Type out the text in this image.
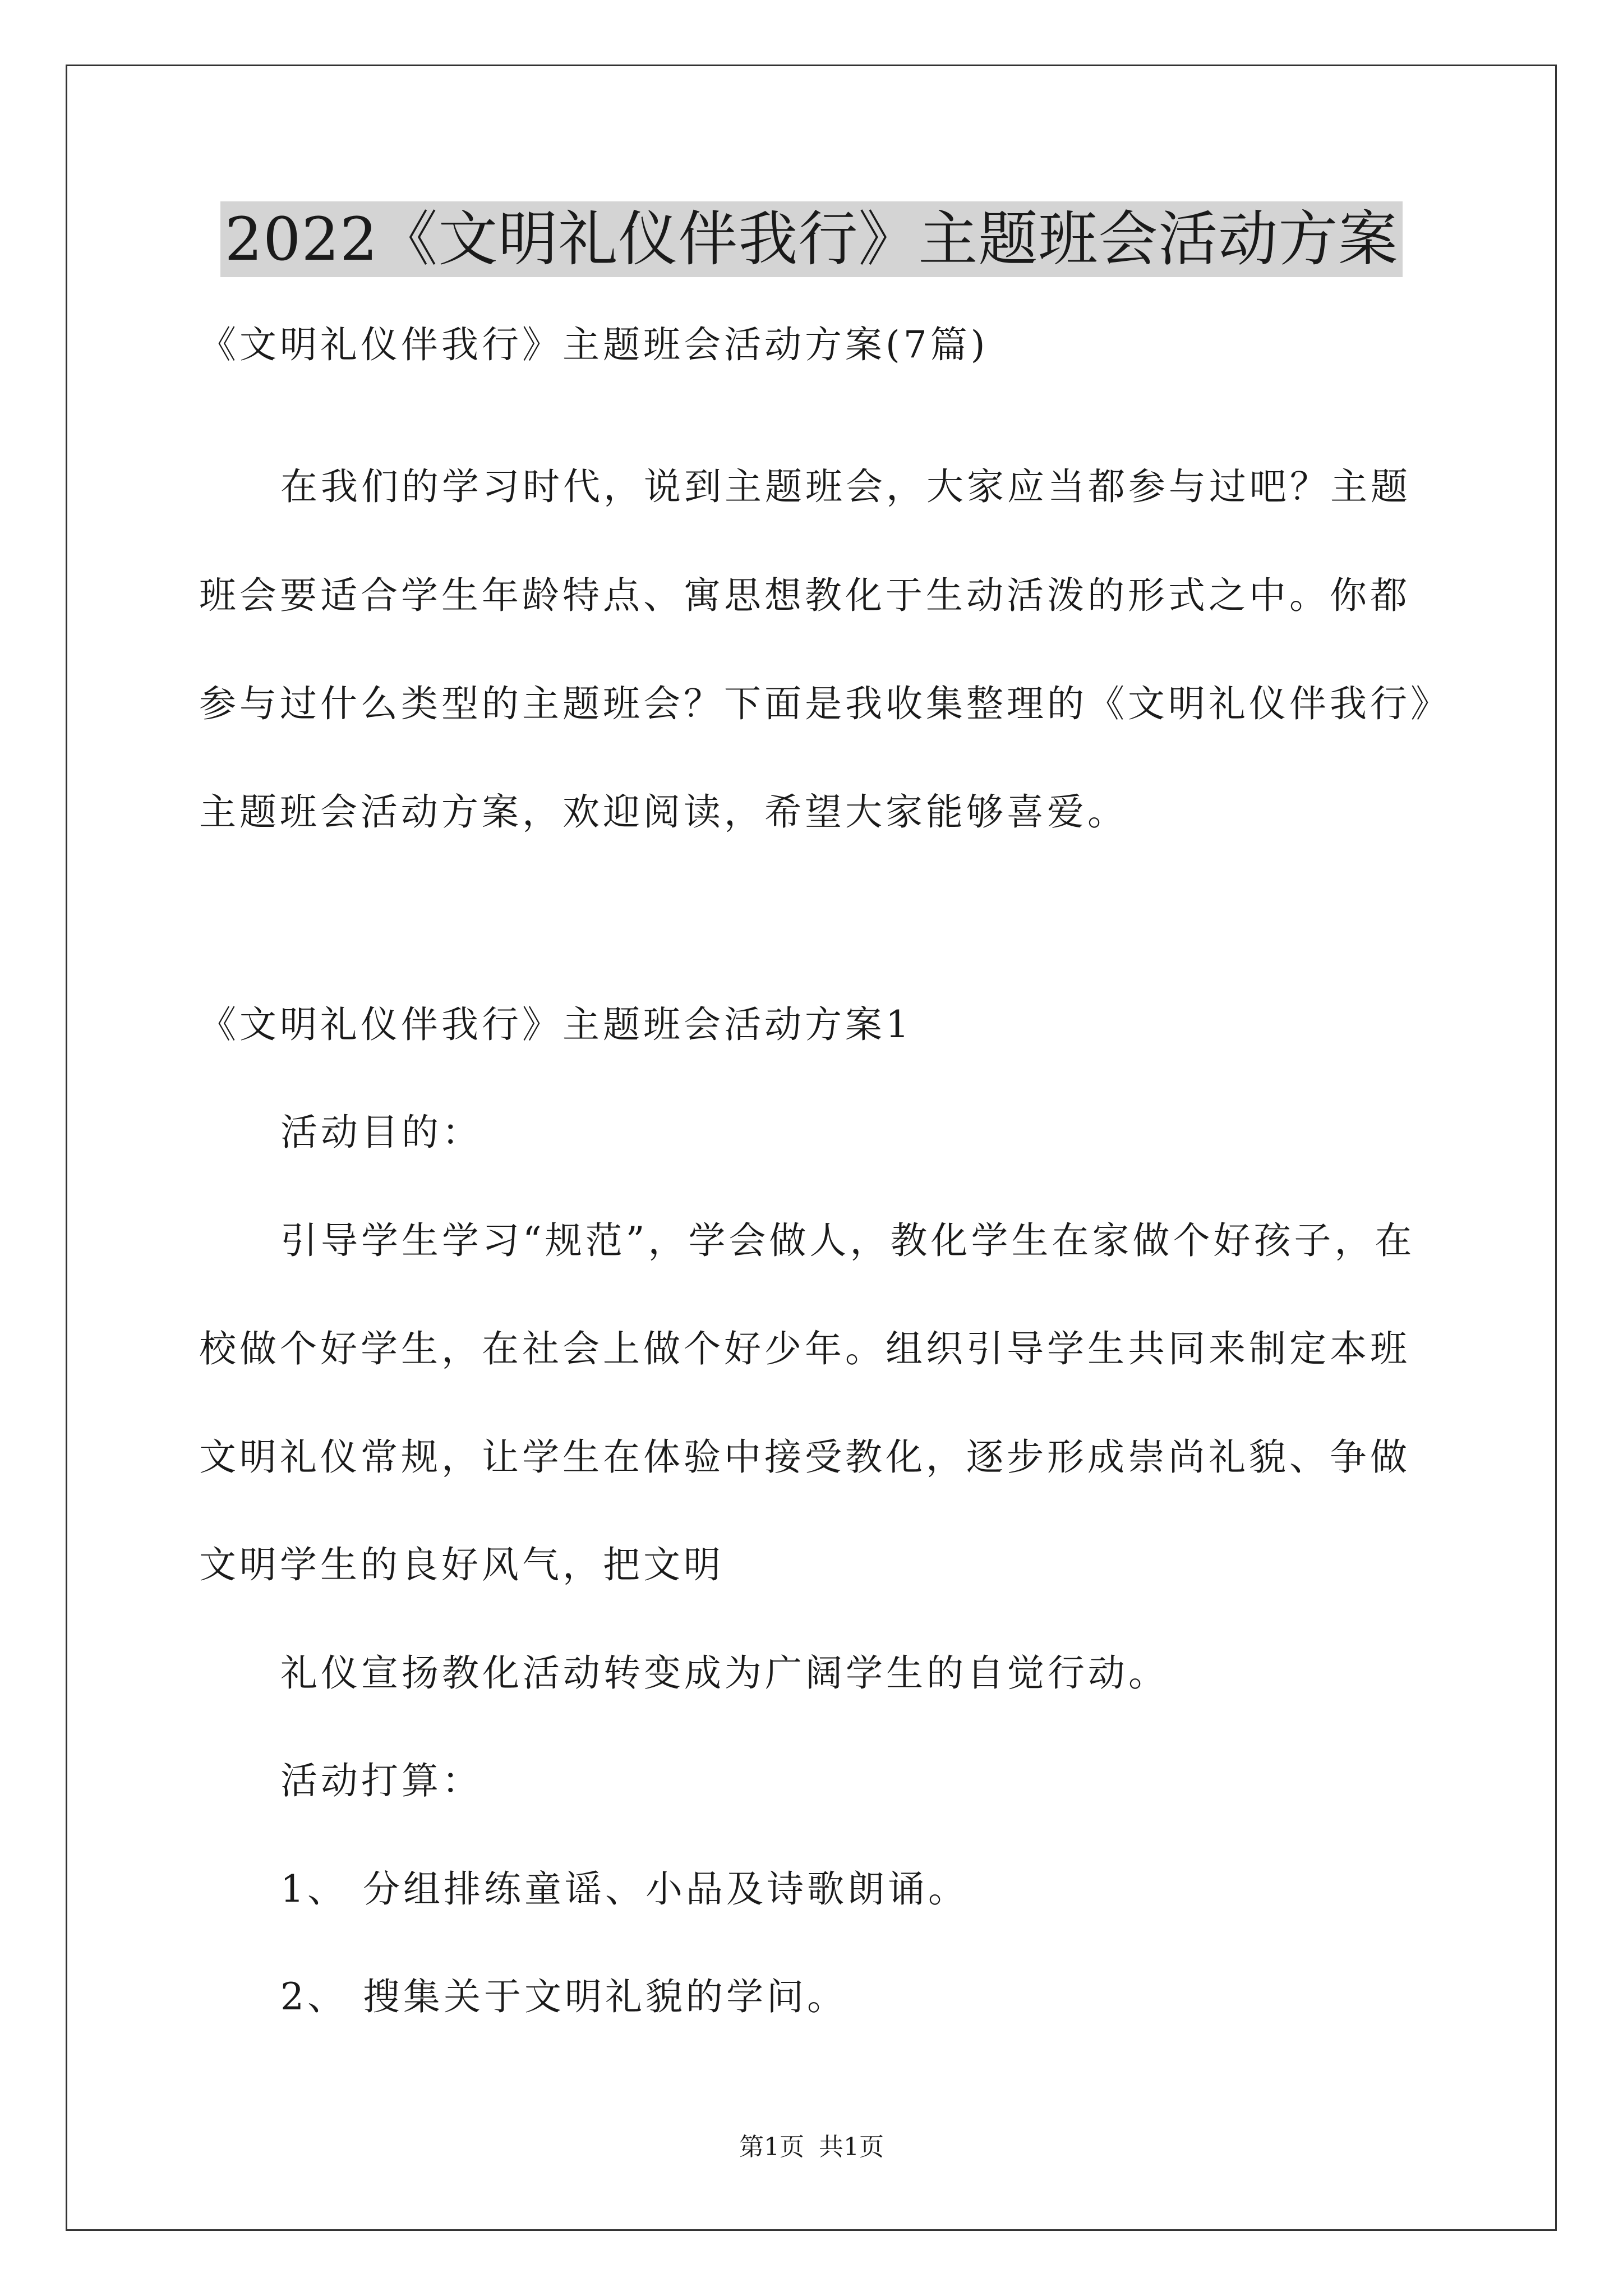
2022《文明礼仪伴我行》主题班会活动方案
《文明礼仪伴我行》主题班会活动方案(7篇)
在我们的学习时代，说到主题班会，大家应当都参与过吧？主题
班会要适合学生年龄特点、寓思想教化于生动活泼的形式之中。你都
参与过什么类型的主题班会？下面是我收集整理的《文明礼仪伴我行》
主题班会活动方案，欢迎阅读，希望大家能够喜爱。
《文明礼仪伴我行》主题班会活动方案1
活动目的：
引导学生学习“规范”，学会做人，教化学生在家做个好孩子，在
校做个好学生，在社会上做个好少年。组织引导学生共同来制定本班
文明礼仪常规，让学生在体验中接受教化，逐步形成崇尚礼貌、争做
文明学生的良好风气，把文明
礼仪宣扬教化活动转变成为广阔学生的自觉行动。
活动打算：
1、 分组排练童谣、小品及诗歌朗诵。
2、 搜集关于文明礼貌的学问。
第1页 共1页
